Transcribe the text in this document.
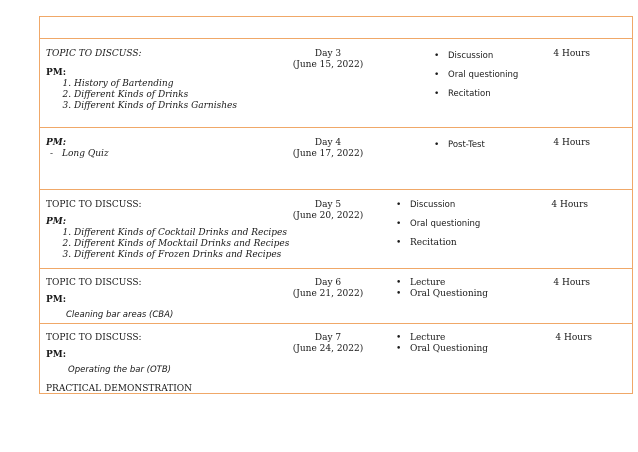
TOPIC TO DISCUSS:
PM:
1. History of Bartending
2. Different Kinds of Drinks
3. Different Kinds of Drinks Garnishes
Day 3
(June 15, 2022)
• Discussion
• Oral questioning
• Recitation
4 Hours
PM:
- Long Quiz
Day 4
(June 17, 2022)
• Post-Test	4 Hours
TOPIC TO DISCUSS:
PM:
1. Different Kinds of Cocktail Drinks and Recipes
2. Different Kinds of Mocktail Drinks and Recipes
3. Different Kinds of Frozen Drinks and Recipes
Day 5
(June 20, 2022)
• Discussion
• Oral questioning
• Recitation
4 Hours
TOPIC TO DISCUSS:
PM:
Cleaning bar areas (CBA)
Day 6
(June 21, 2022)
• Lecture
• Oral Questioning
4 Hours
TOPIC TO DISCUSS:
PM:
Operating the bar (OTB)
PRACTICAL DEMONSTRATION
Day 7
(June 24, 2022)
• Lecture
• Oral Questioning
4 Hours
